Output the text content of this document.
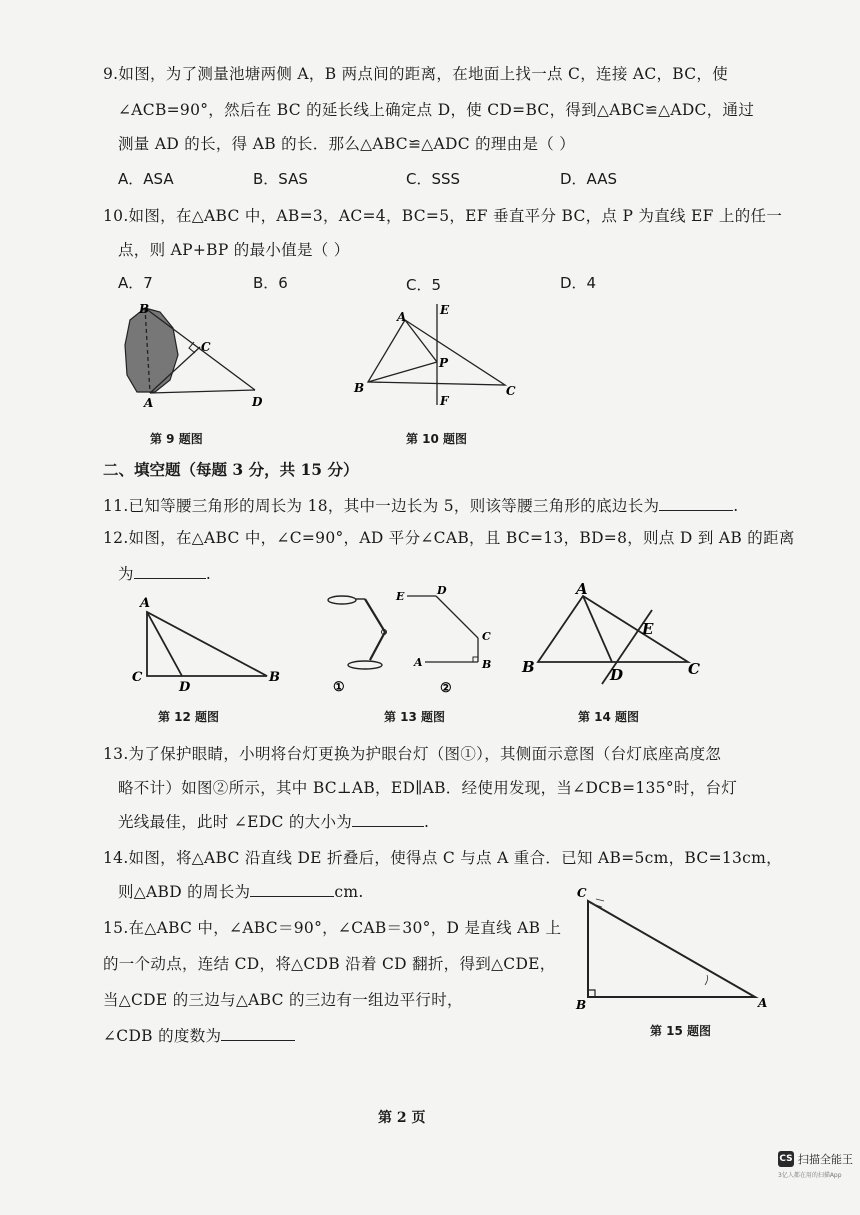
9.如图，为了测量池塘两侧 A，B 两点间的距离，在地面上找一点 C，连接 AC，BC，使
∠ACB=90°，然后在 BC 的延长线上确定点 D，使 CD=BC，得到△ABC≌△ADC，通过
测量 AD 的长，得 AB 的长．那么△ABC≌△ADC 的理由是（ ）
A．ASA	B．SAS	C．SSS	D．AAS
10.如图，在△ABC 中，AB=3，AC=4，BC=5，EF 垂直平分 BC，点 P 为直线 EF 上的任一
点，则 AP+BP 的最小值是（ ）
A．7	B．6	C．5	D．4
B
C
A	D
第 9 题图
A	E
P
B	C
F
第 10 题图
二、填空题（每题 3 分，共 15 分）
11.已知等腰三角形的周长为 18，其中一边长为 5，则该等腰三角形的底边长为	.
12.如图，在△ABC 中，∠C=90°，AD 平分∠CAB，且 BC=13，BD=8，则点 D 到 AB 的距离
为	.
A
C
D
B
第 12 题图
①
E	D
C
A	B
②
第 13 题图
A
E
B	D	C
第 14 题图
13.为了保护眼睛，小明将台灯更换为护眼台灯（图①），其侧面示意图（台灯底座高度忽
略不计）如图②所示，其中 BC⊥AB，ED∥AB．经使用发现，当∠DCB=135°时，台灯
光线最佳，此时 ∠EDC 的大小为	.
14.如图，将△ABC 沿直线 DE 折叠后，使得点 C 与点 A 重合．已知 AB=5cm，BC=13cm，
则△ABD 的周长为	cm.
15.在△ABC 中，∠ABC＝90°，∠CAB＝30°，D 是直线 AB 上
的一个动点，连结 CD，将△CDB 沿着 CD 翻折，得到△CDE，
当△CDE 的三边与△ABC 的三边有一组边平行时，
∠CDB 的度数为
C
B	A
第 15 题图
第 2 页
CS 扫描全能王
3亿人都在用的扫描App
